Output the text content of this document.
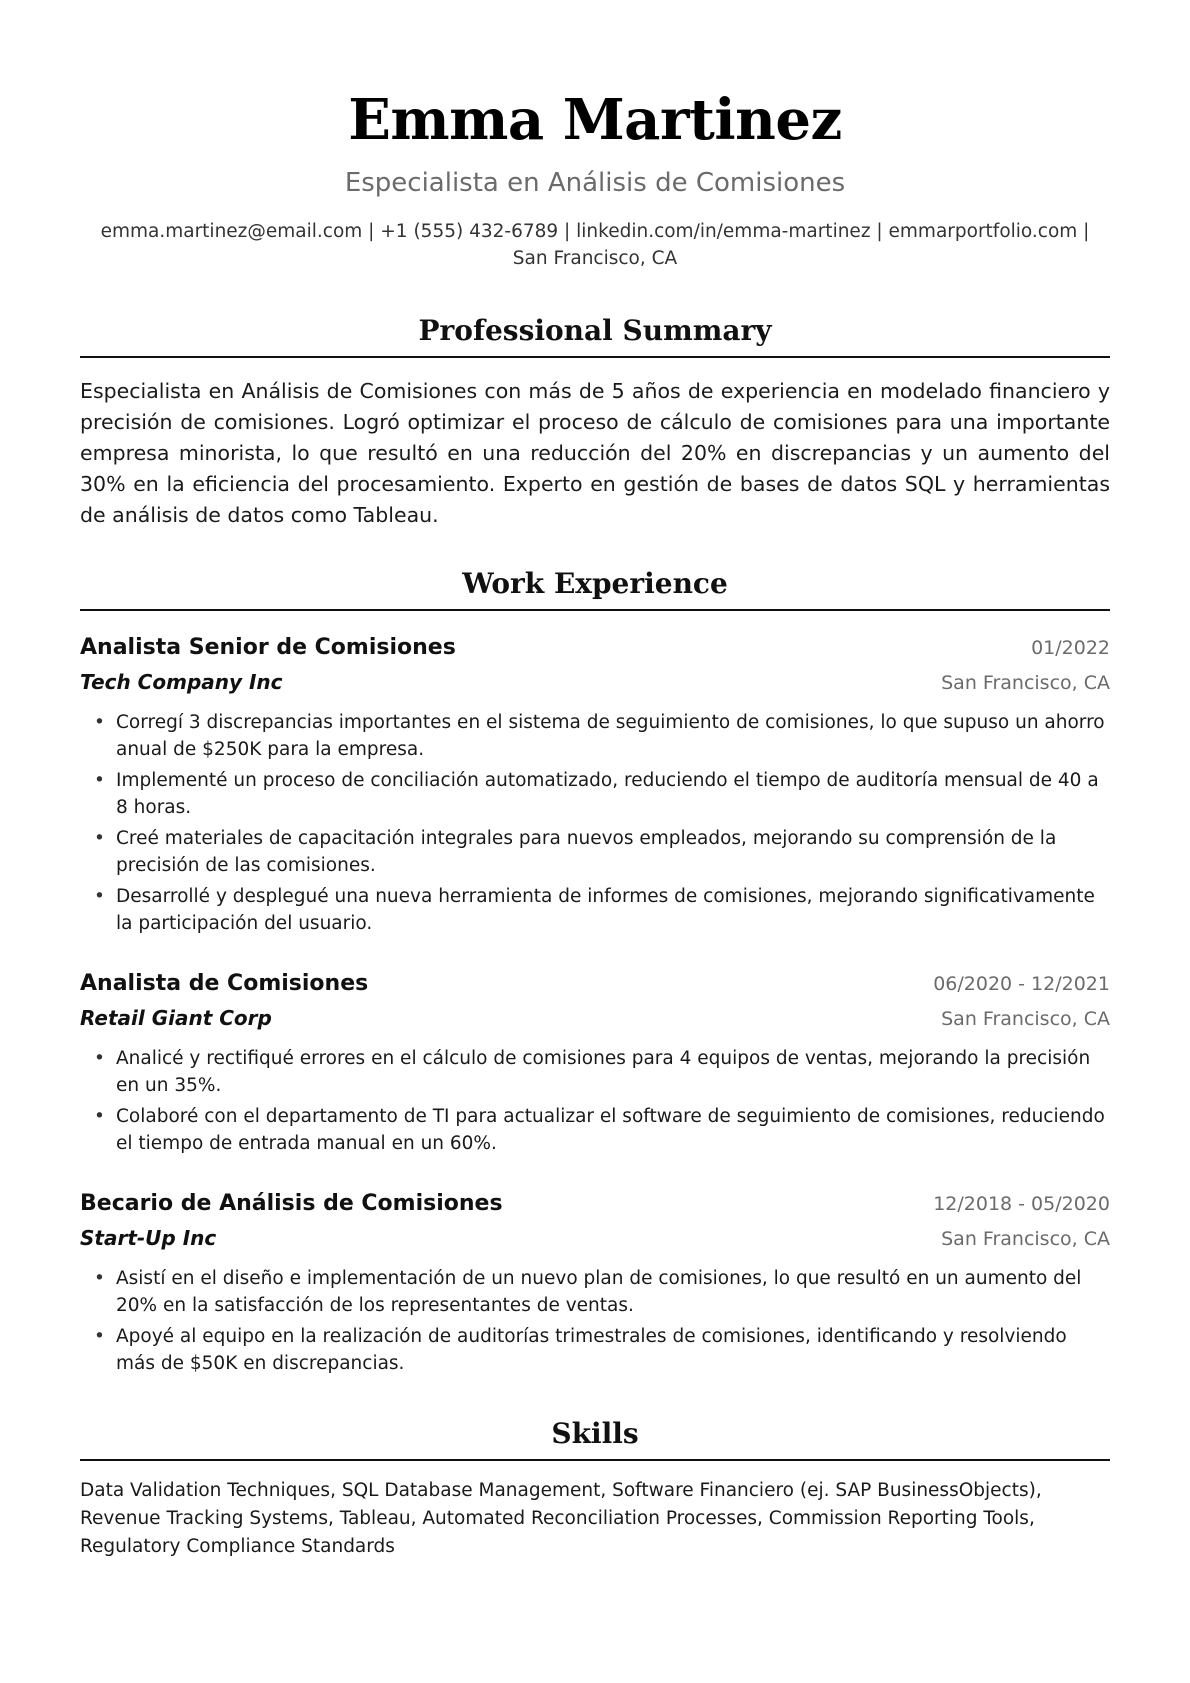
Emma Martinez
Especialista en Análisis de Comisiones
emma.martinez@email.com | +1 (555) 432-6789 | linkedin.com/in/emma-martinez | emmarportfolio.com | San Francisco, CA
Professional Summary

Especialista en Análisis de Comisiones con más de 5 años de experiencia en modelado financiero y precisión de comisiones. Logró optimizar el proceso de cálculo de comisiones para una importante empresa minorista, lo que resultó en una reducción del 20% en discrepancias y un aumento del 30% en la eficiencia del procesamiento. Experto en gestión de bases de datos SQL y herramientas de análisis de datos como Tableau.

Work Experience
Analista Senior de Comisiones	01/2022
Tech Company Inc	San Francisco, CA
• Corregí 3 discrepancias importantes en el sistema de seguimiento de comisiones, lo que supuso un ahorro anual de $250K para la empresa.
• Implementé un proceso de conciliación automatizado, reduciendo el tiempo de auditoría mensual de 40 a 8 horas.
• Creé materiales de capacitación integrales para nuevos empleados, mejorando su comprensión de la precisión de las comisiones.
• Desarrollé y desplegué una nueva herramienta de informes de comisiones, mejorando significativamente la participación del usuario.
Analista de Comisiones	06/2020 - 12/2021
Retail Giant Corp	San Francisco, CA
• Analicé y rectifiqué errores en el cálculo de comisiones para 4 equipos de ventas, mejorando la precisión en un 35%.
• Colaboré con el departamento de TI para actualizar el software de seguimiento de comisiones, reduciendo el tiempo de entrada manual en un 60%.
Becario de Análisis de Comisiones	12/2018 - 05/2020
Start-Up Inc	San Francisco, CA
• Asistí en el diseño e implementación de un nuevo plan de comisiones, lo que resultó en un aumento del 20% en la satisfacción de los representantes de ventas.
• Apoyé al equipo en la realización de auditorías trimestrales de comisiones, identificando y resolviendo más de $50K en discrepancias.
Skills

Data Validation Techniques, SQL Database Management, Software Financiero (ej. SAP BusinessObjects), Revenue Tracking Systems, Tableau, Automated Reconciliation Processes, Commission Reporting Tools, Regulatory Compliance Standards
